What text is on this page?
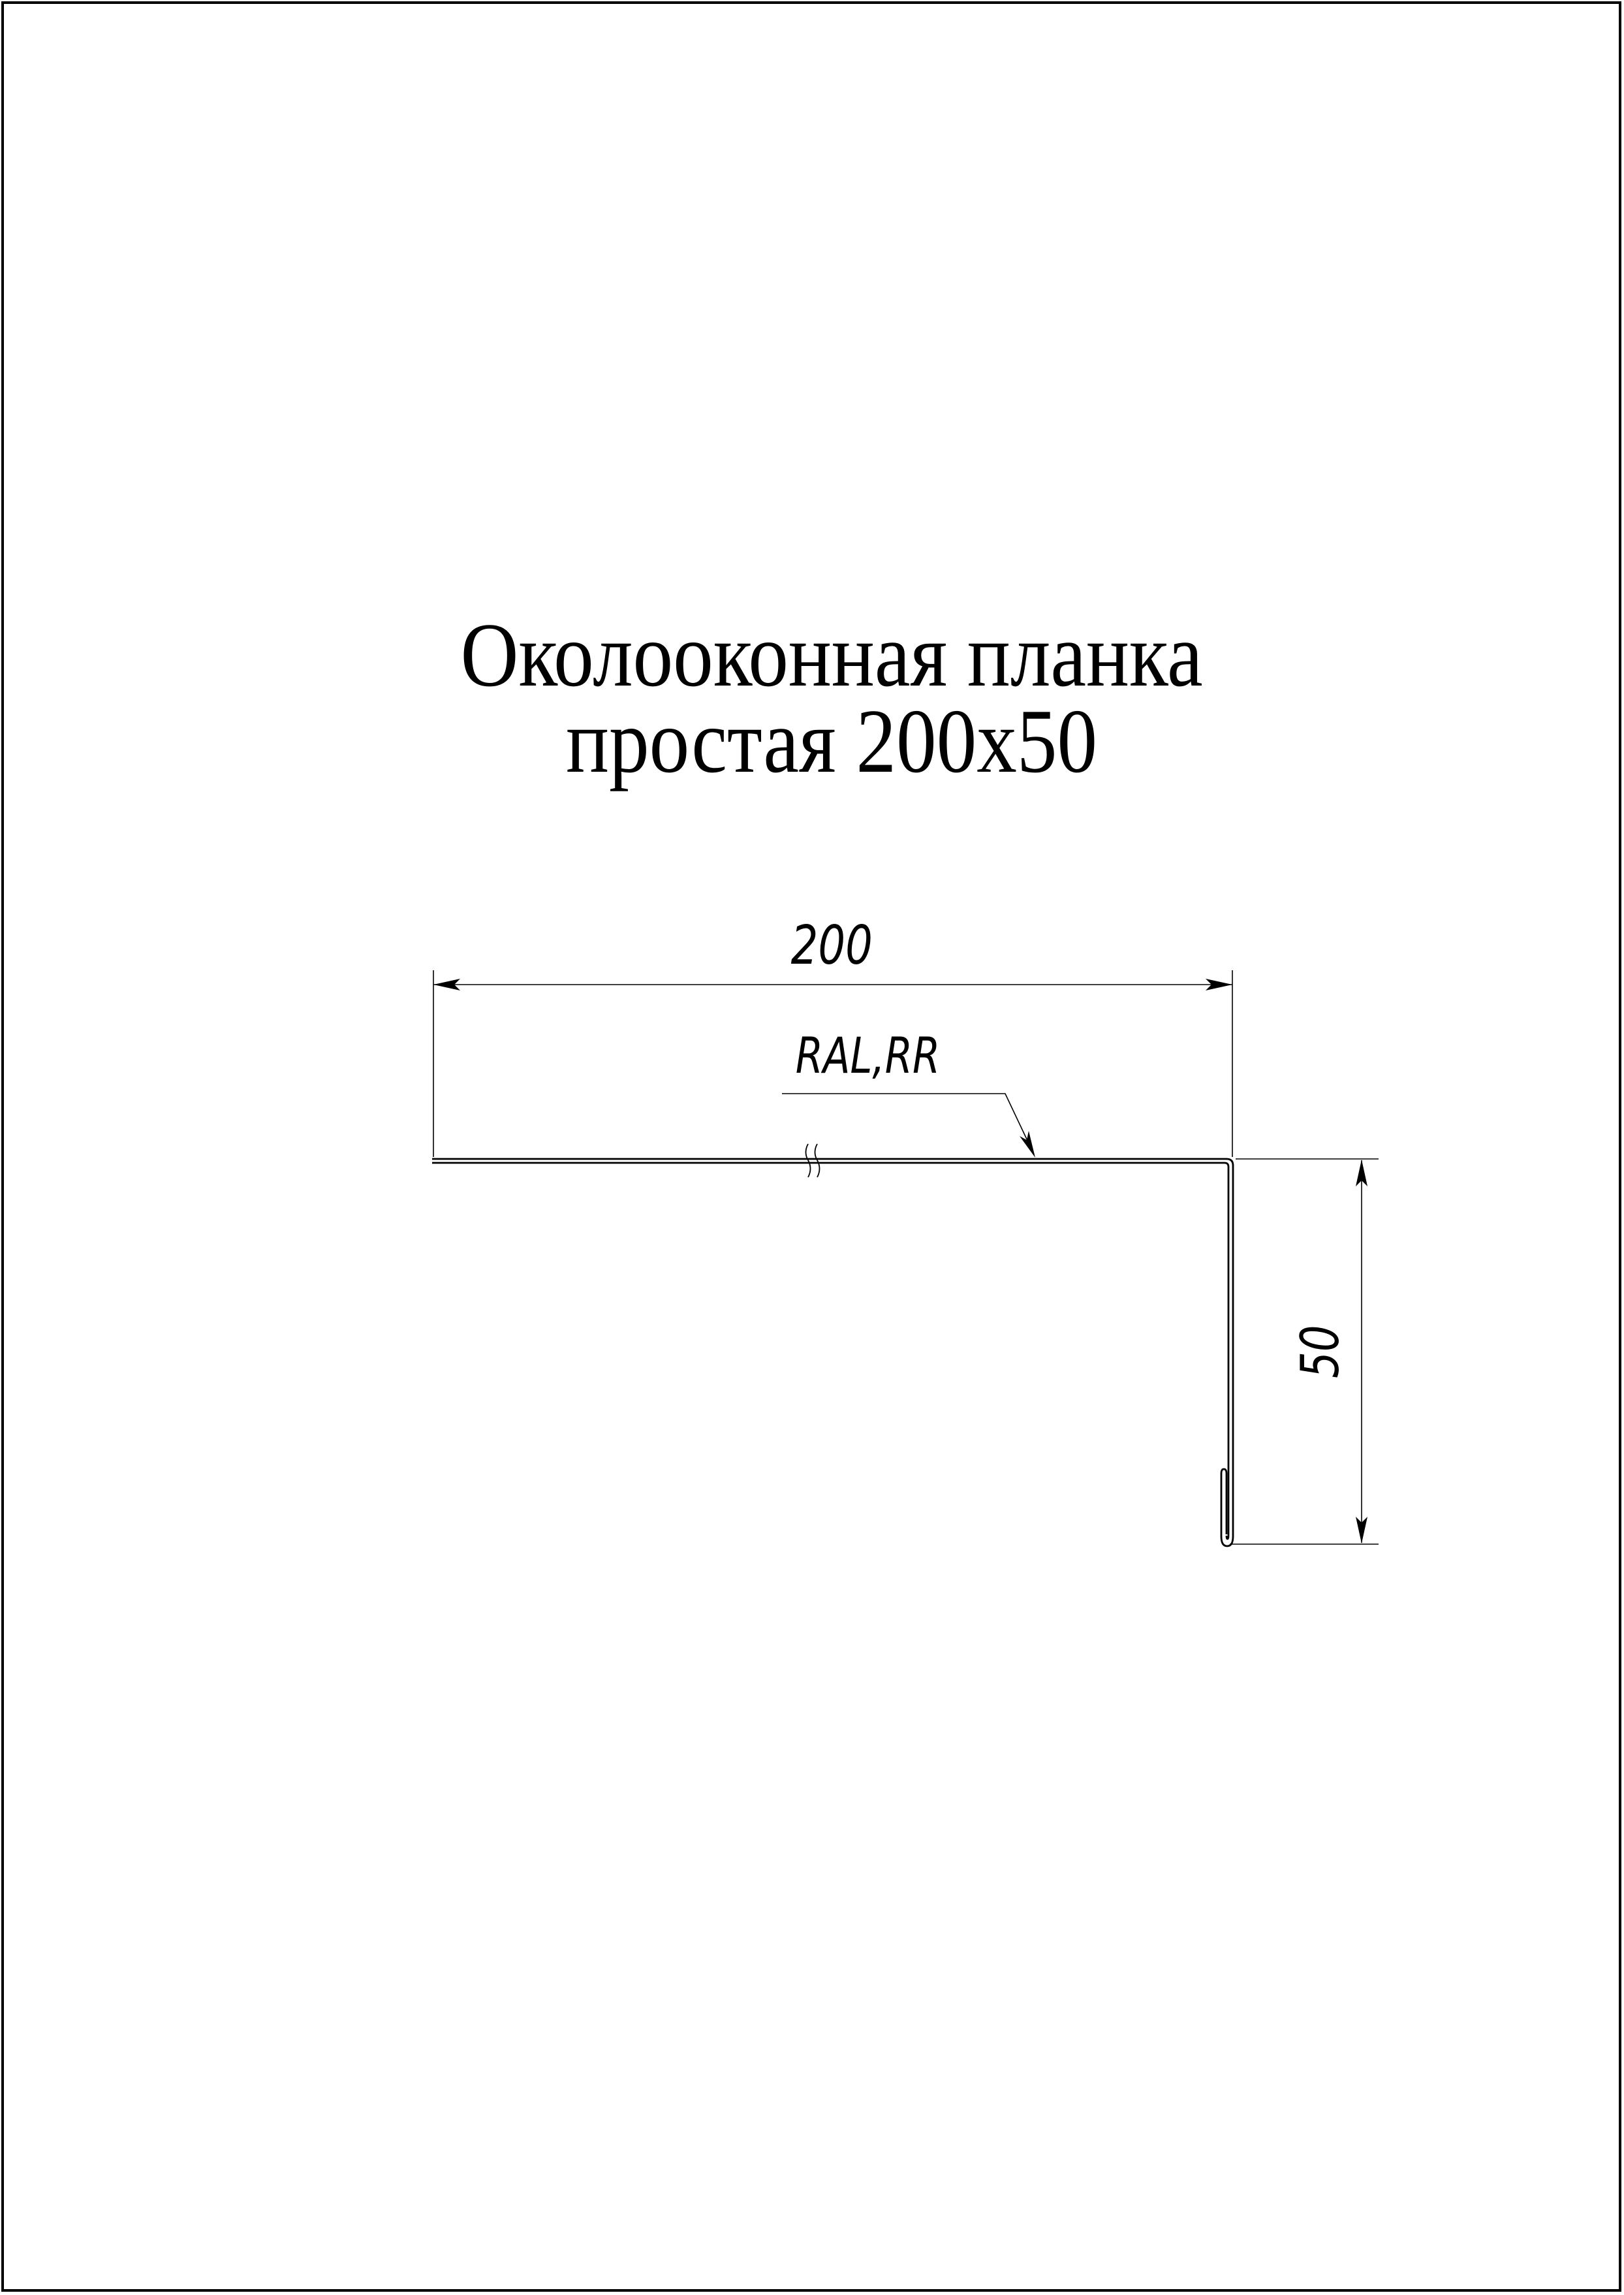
Околооконная планка
простая 200х50
200
50
RAL,RR
